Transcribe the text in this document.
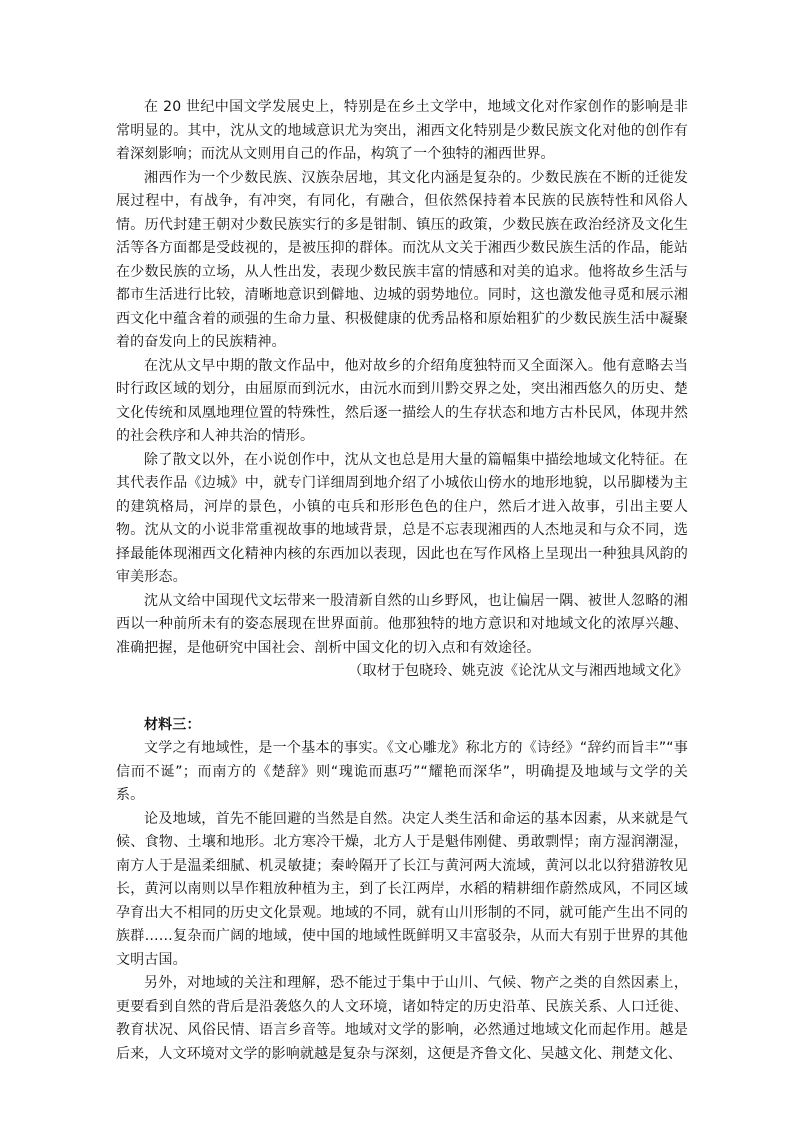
在 20 世纪中国文学发展史上，特别是在乡土文学中，地域文化对作家创作的影响是非常明显的。其中，沈从文的地域意识尤为突出，湘西文化特别是少数民族文化对他的创作有着深刻影响；而沈从文则用自己的作品，构筑了一个独特的湘西世界。

湘西作为一个少数民族、汉族杂居地，其文化内涵是复杂的。少数民族在不断的迁徙发展过程中，有战争，有冲突，有同化，有融合，但依然保持着本民族的民族特性和风俗人情。历代封建王朝对少数民族实行的多是钳制、镇压的政策，少数民族在政治经济及文化生活等各方面都是受歧视的，是被压抑的群体。而沈从文关于湘西少数民族生活的作品，能站在少数民族的立场，从人性出发，表现少数民族丰富的情感和对美的追求。他将故乡生活与都市生活进行比较，清晰地意识到僻地、边城的弱势地位。同时，这也激发他寻觅和展示湘西文化中蕴含着的顽强的生命力量、积极健康的优秀品格和原始粗犷的少数民族生活中凝聚着的奋发向上的民族精神。

在沈从文早中期的散文作品中，他对故乡的介绍角度独特而又全面深入。他有意略去当时行政区域的划分，由屈原而到沅水，由沅水而到川黔交界之处，突出湘西悠久的历史、楚文化传统和凤凰地理位置的特殊性，然后逐一描绘人的生存状态和地方古朴民风，体现井然的社会秩序和人神共治的情形。

除了散文以外，在小说创作中，沈从文也总是用大量的篇幅集中描绘地域文化特征。在其代表作品《边城》中，就专门详细周到地介绍了小城依山傍水的地形地貌，以吊脚楼为主的建筑格局，河岸的景色，小镇的屯兵和形形色色的住户，然后才进入故事，引出主要人物。沈从文的小说非常重视故事的地域背景，总是不忘表现湘西的人杰地灵和与众不同，选择最能体现湘西文化精神内核的东西加以表现，因此也在写作风格上呈现出一种独具风韵的审美形态。

沈从文给中国现代文坛带来一股清新自然的山乡野风，也让偏居一隅、被世人忽略的湘西以一种前所未有的姿态展现在世界面前。他那独特的地方意识和对地域文化的浓厚兴趣、准确把握，是他研究中国社会、剖析中国文化的切入点和有效途径。

（取材于包晓玲、姚克波《论沈从文与湘西地域文化》

材料三：

文学之有地域性，是一个基本的事实。《文心雕龙》称北方的《诗经》“辞约而旨丰”“事信而不诞”；而南方的《楚辞》则“瑰诡而惠巧”“耀艳而深华”，明确提及地域与文学的关系。

论及地域，首先不能回避的当然是自然。决定人类生活和命运的基本因素，从来就是气候、食物、土壤和地形。北方寒冷干燥，北方人于是魁伟刚健、勇敢剽悍；南方湿润潮湿，南方人于是温柔细腻、机灵敏捷；秦岭隔开了长江与黄河两大流域，黄河以北以狩猎游牧见长，黄河以南则以旱作粗放种植为主，到了长江两岸，水稻的精耕细作蔚然成风，不同区域孕育出大不相同的历史文化景观。地域的不同，就有山川形制的不同，就可能产生出不同的族群……复杂而广阔的地域，使中国的地域性既鲜明又丰富驳杂，从而大有别于世界的其他文明古国。

另外，对地域的关注和理解，恐不能过于集中于山川、气候、物产之类的自然因素上，更要看到自然的背后是沿袭悠久的人文环境，诸如特定的历史沿革、民族关系、人口迁徙、教育状况、风俗民情、语言乡音等。地域对文学的影响，必然通过地域文化而起作用。越是后来，人文环境对文学的影响就越是复杂与深刻，这便是齐鲁文化、吴越文化、荆楚文化、
